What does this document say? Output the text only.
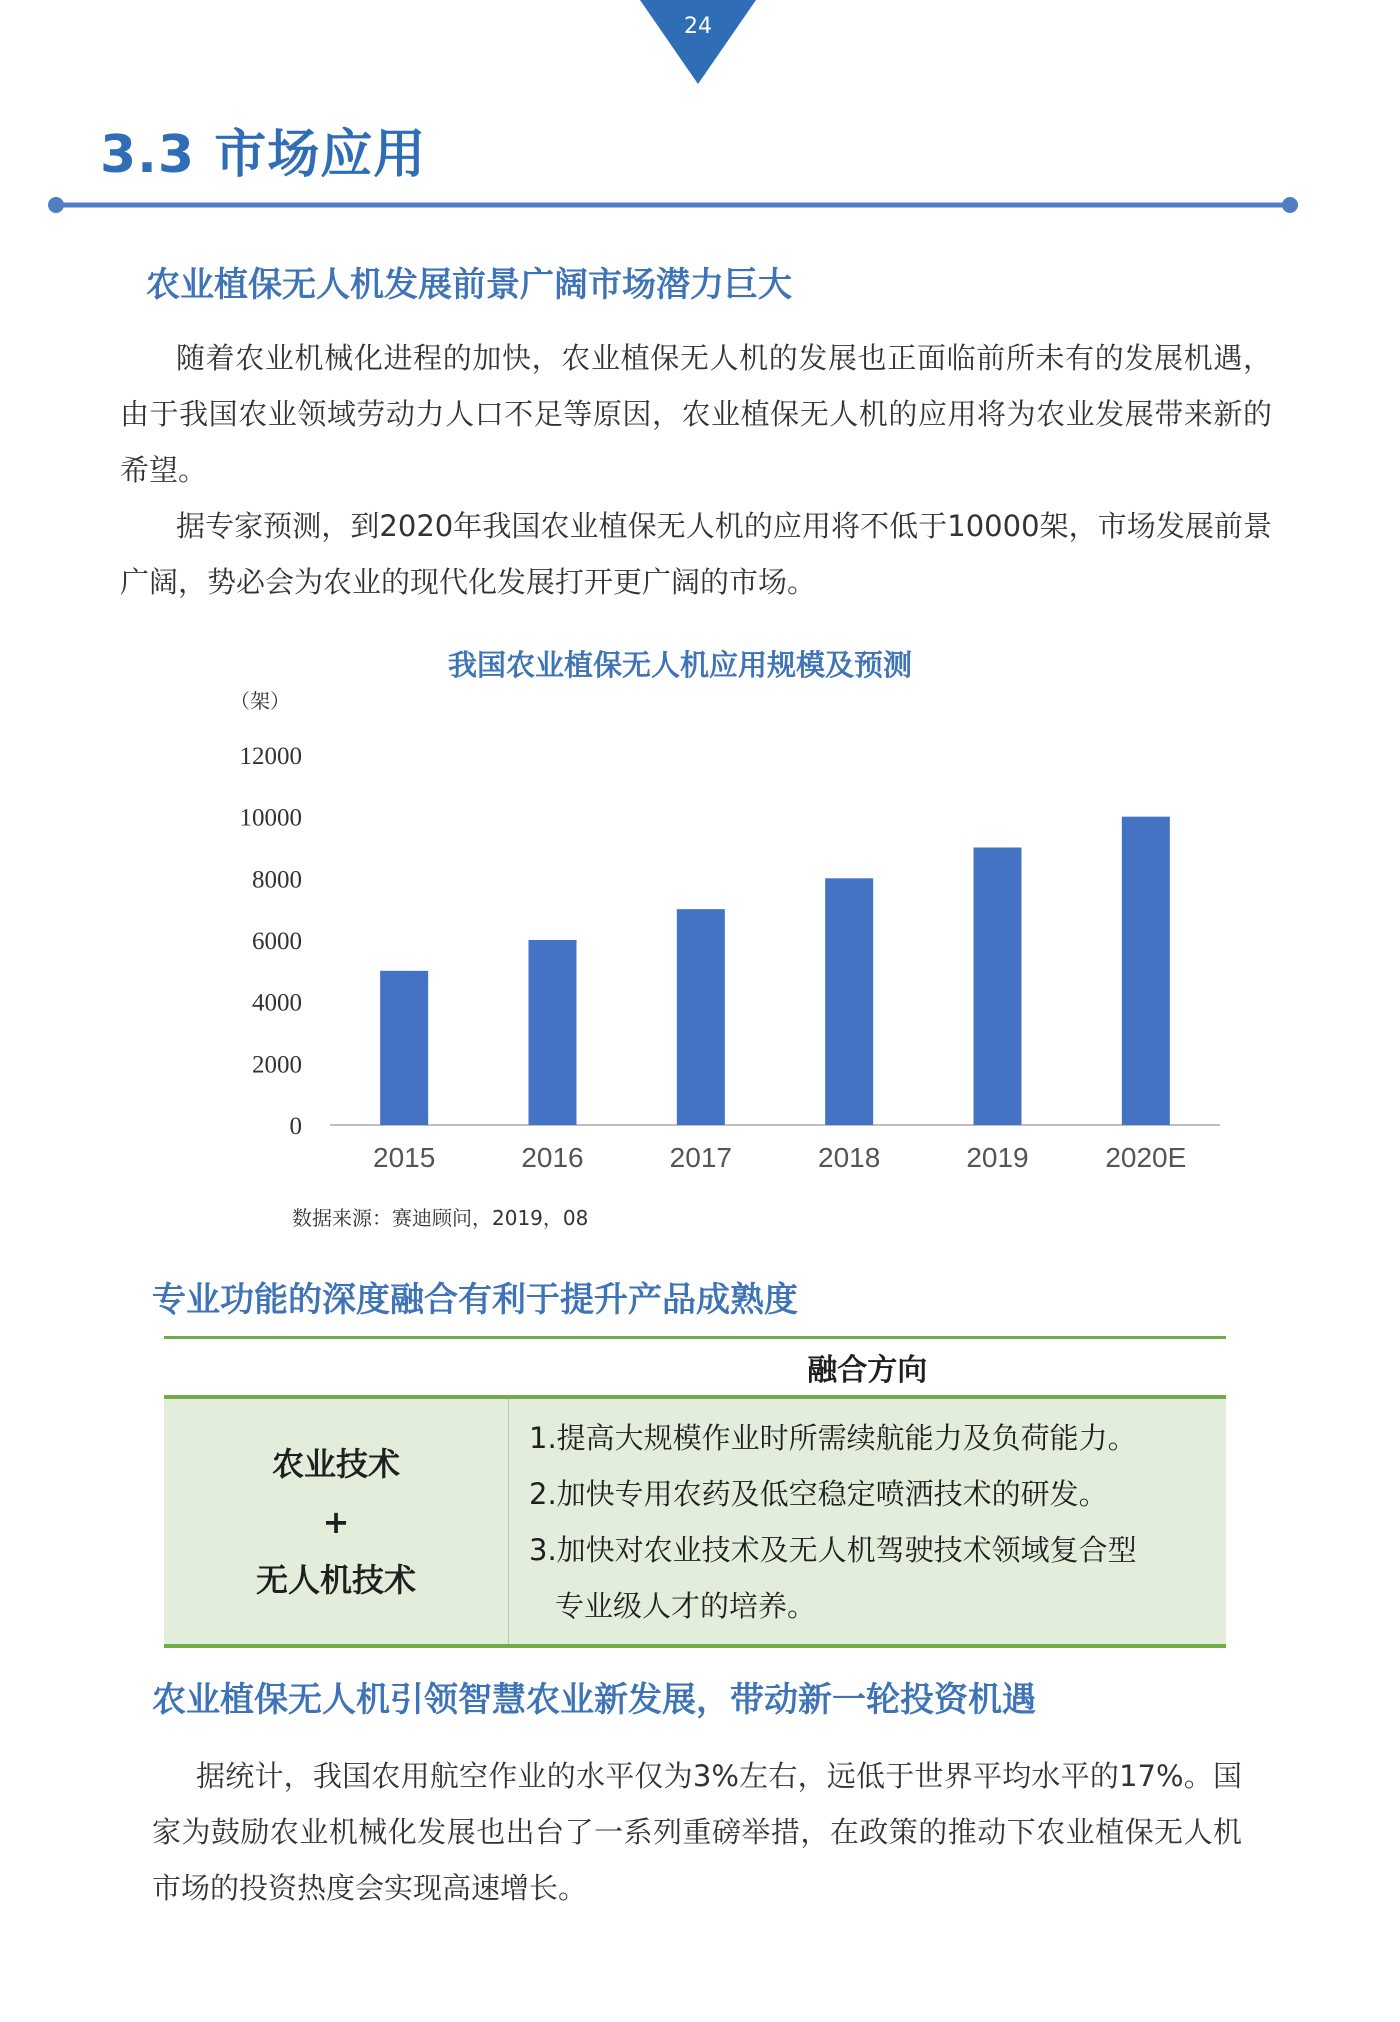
24
3.3 市场应用
农业植保无人机发展前景广阔市场潜力巨大

随着农业机械化进程的加快，农业植保无人机的发展也正面临前所未有的发展机遇，由于我国农业领域劳动力人口不足等原因，农业植保无人机的应用将为农业发展带来新的希望。

据专家预测，到2020年我国农业植保无人机的应用将不低于10000架，市场发展前景广阔，势必会为农业的现代化发展打开更广阔的市场。

我国农业植保无人机应用规模及预测
（架）
0
2000
4000
6000
8000
10000
12000
2015	2016	2017	2018	2019	2020E
数据来源：赛迪顾问，2019，08
专业功能的深度融合有利于提升产品成熟度
	融合方向

农业技术
+
无人机技术	1.提高大规模作业时所需续航能力及负荷能力。
2.加快专用农药及低空稳定喷洒技术的研发。
3.加快对农业技术及无人机驾驶技术领域复合型
专业级人才的培养。
农业植保无人机引领智慧农业新发展，带动新一轮投资机遇

据统计，我国农用航空作业的水平仅为3%左右，远低于世界平均水平的17%。国家为鼓励农业机械化发展也出台了一系列重磅举措，在政策的推动下农业植保无人机市场的投资热度会实现高速增长。
